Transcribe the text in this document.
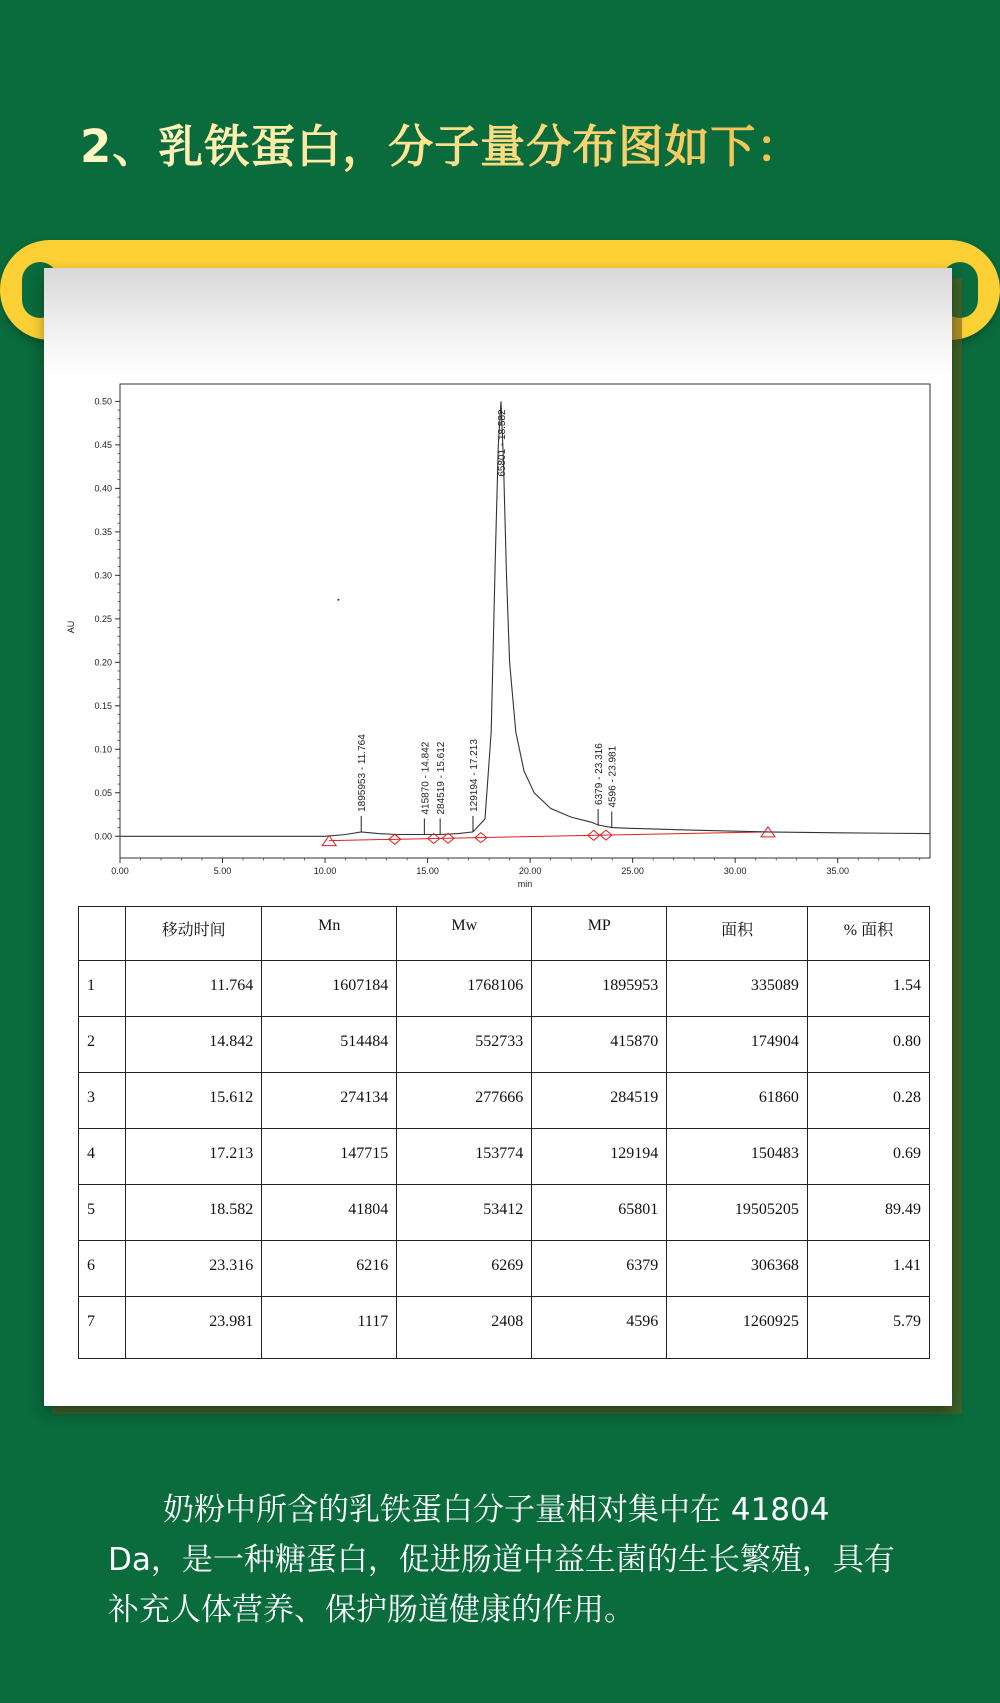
2、乳铁蛋白，分子量分布图如下：
0.00
0.05
0.10
0.15
0.20
0.25
0.30
0.35
0.40
0.45
0.50
0.00	5.00	10.00	15.00	20.00	25.00	30.00	35.00
min
AU
1895953 - 11.764	415870 - 14.842 284519 - 15.612 129194 - 17.213
65801 - 18.582
6379 - 23.316 4596 - 23.981
	移动时间	Mn	Mw	MP	面积	% 面积
1	11.764	1607184	1768106	1895953	335089	1.54
2	14.842	514484	552733	415870	174904	0.80
3	15.612	274134	277666	284519	61860	0.28
4	17.213	147715	153774	129194	150483	0.69
5	18.582	41804	53412	65801	19505205	89.49
6	23.316	6216	6269	6379	306368	1.41
7	23.981	1117	2408	4596	1260925	5.79
奶粉中所含的乳铁蛋白分子量相对集中在 41804 Da，是一种糖蛋白，促进肠道中益生菌的生长繁殖，具有补充人体营养、保护肠道健康的作用。
